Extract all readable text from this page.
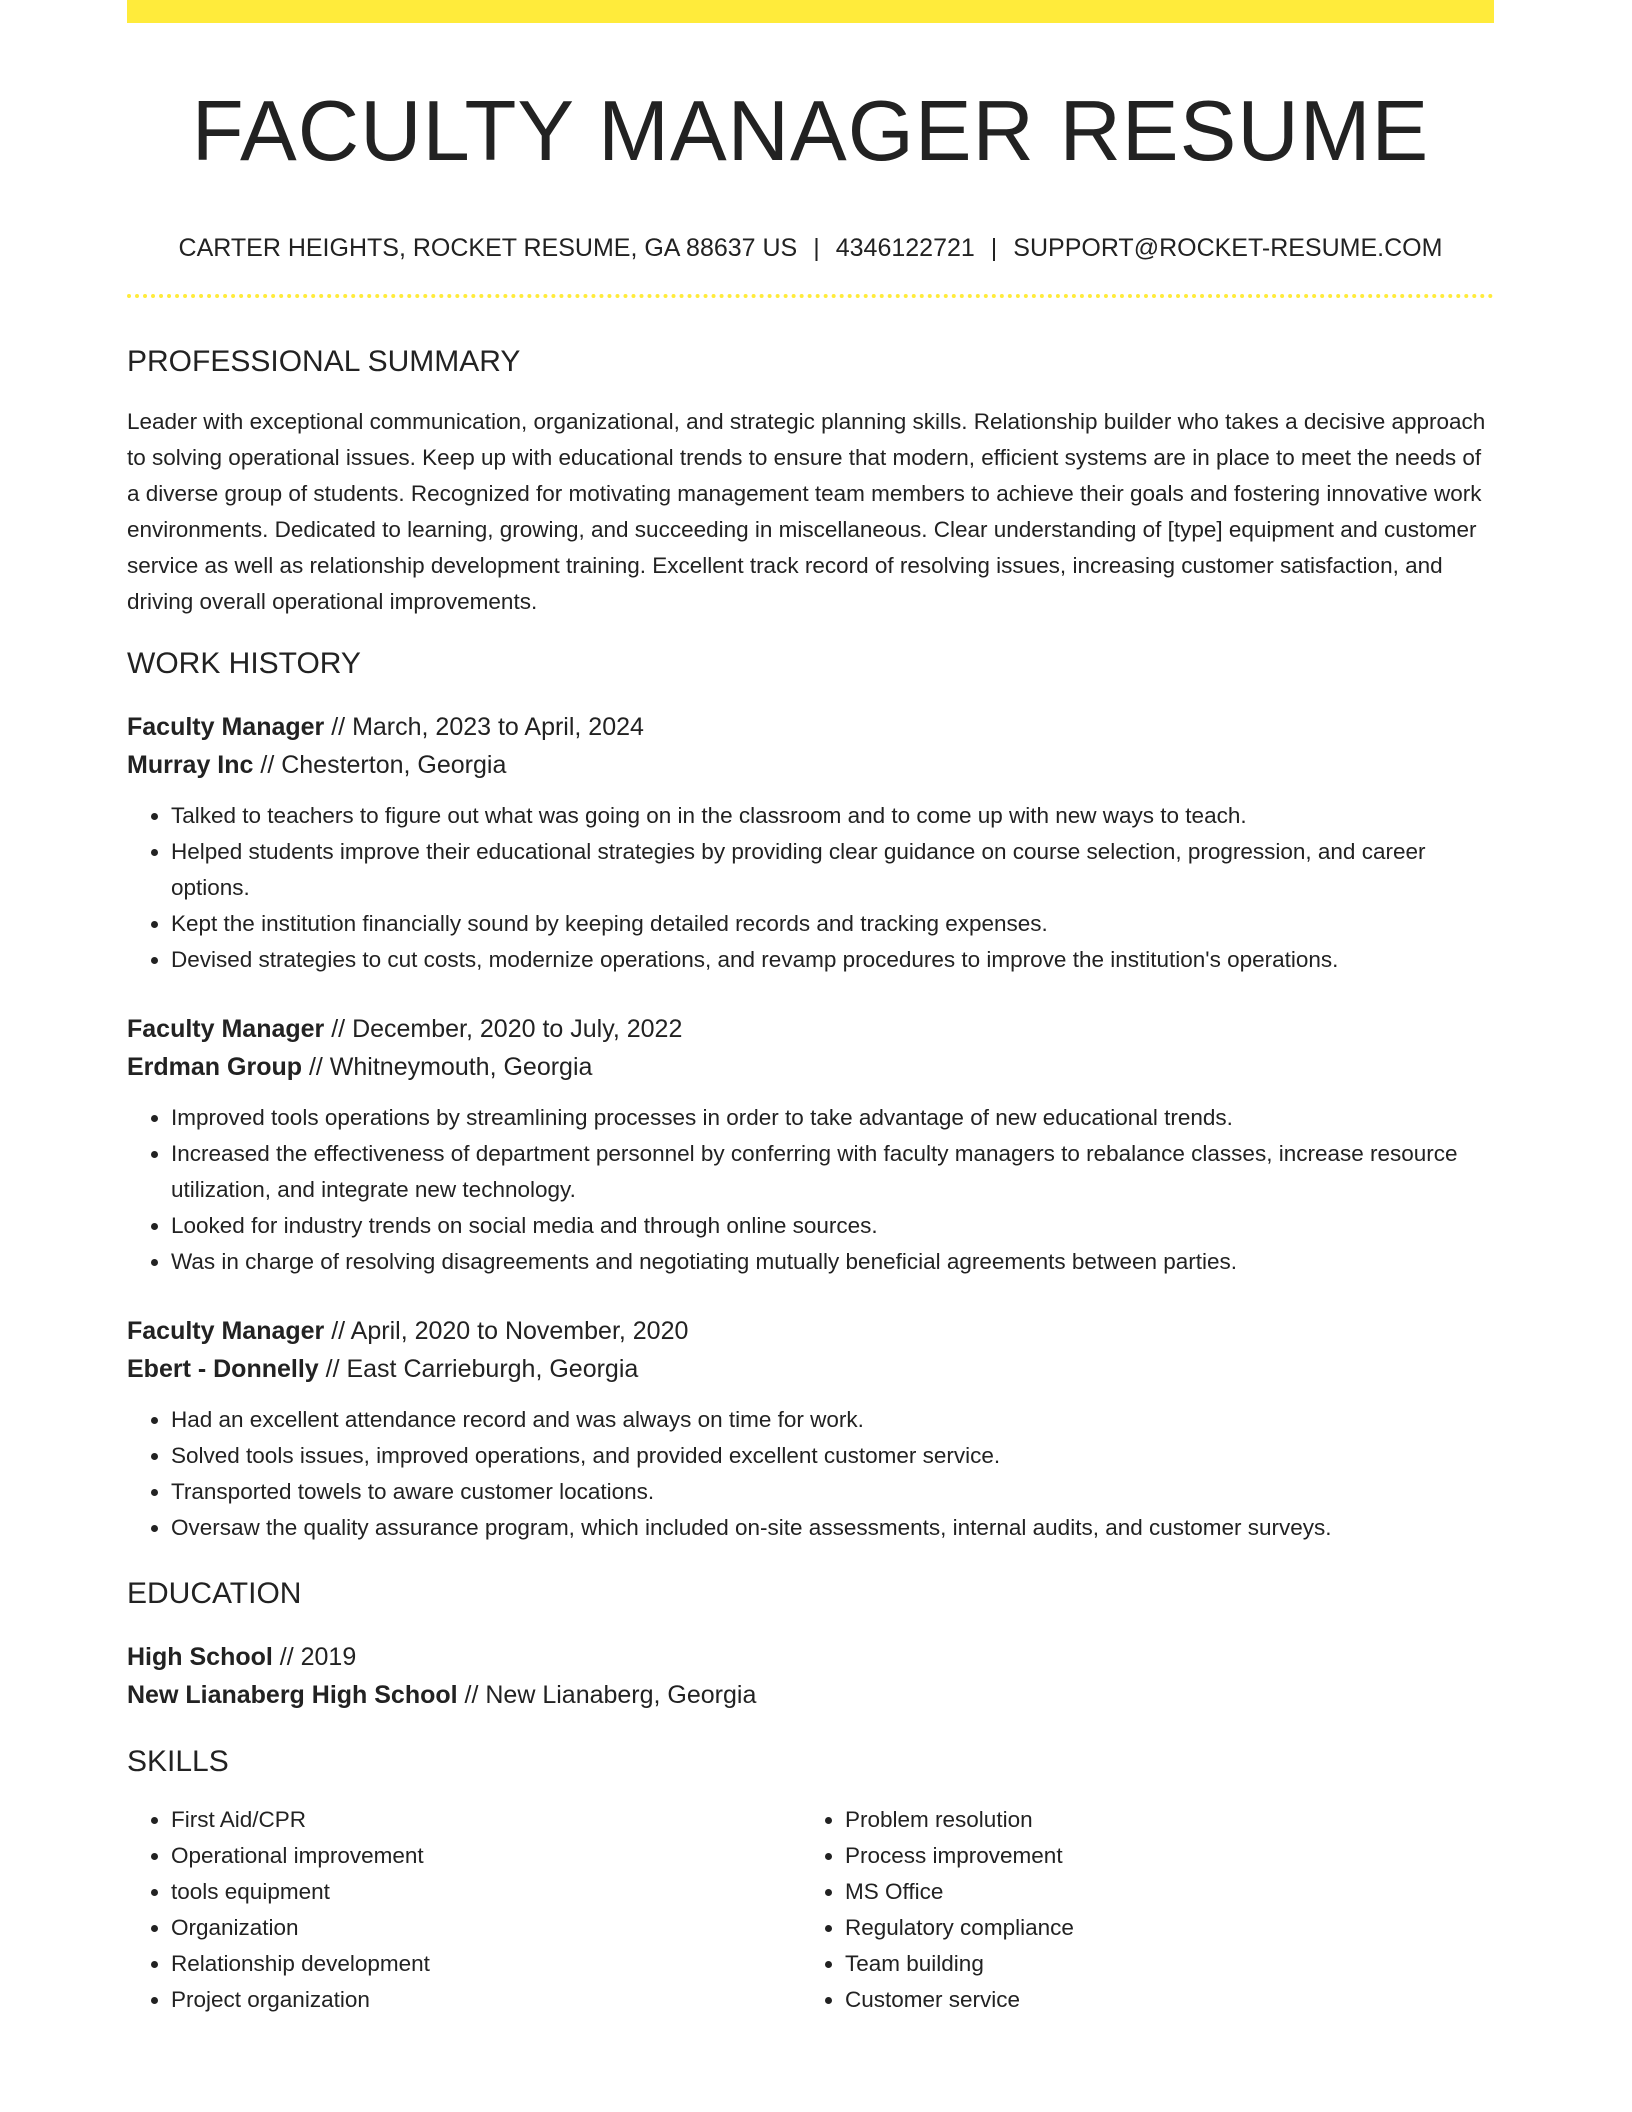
FACULTY MANAGER RESUME
CARTER HEIGHTS, ROCKET RESUME, GA 88637 US | 4346122721 | SUPPORT@ROCKET-RESUME.COM
PROFESSIONAL SUMMARY

Leader with exceptional communication, organizational, and strategic planning skills. Relationship builder who takes a decisive approach to solving operational issues. Keep up with educational trends to ensure that modern, efficient systems are in place to meet the needs of a diverse group of students. Recognized for motivating management team members to achieve their goals and fostering innovative work environments. Dedicated to learning, growing, and succeeding in miscellaneous. Clear understanding of [type] equipment and customer service as well as relationship development training. Excellent track record of resolving issues, increasing customer satisfaction, and driving overall operational improvements.

WORK HISTORY
Faculty Manager // March, 2023 to April, 2024
Murray Inc // Chesterton, Georgia
• Talked to teachers to figure out what was going on in the classroom and to come up with new ways to teach.
• Helped students improve their educational strategies by providing clear guidance on course selection, progression, and career options.
• Kept the institution financially sound by keeping detailed records and tracking expenses.
• Devised strategies to cut costs, modernize operations, and revamp procedures to improve the institution's operations.
Faculty Manager // December, 2020 to July, 2022
Erdman Group // Whitneymouth, Georgia
• Improved tools operations by streamlining processes in order to take advantage of new educational trends.
• Increased the effectiveness of department personnel by conferring with faculty managers to rebalance classes, increase resource utilization, and integrate new technology.
• Looked for industry trends on social media and through online sources.
• Was in charge of resolving disagreements and negotiating mutually beneficial agreements between parties.
Faculty Manager // April, 2020 to November, 2020
Ebert - Donnelly // East Carrieburgh, Georgia
• Had an excellent attendance record and was always on time for work.
• Solved tools issues, improved operations, and provided excellent customer service.
• Transported towels to aware customer locations.
• Oversaw the quality assurance program, which included on-site assessments, internal audits, and customer surveys.
EDUCATION
High School // 2019
New Lianaberg High School // New Lianaberg, Georgia
SKILLS
• First Aid/CPR
• Operational improvement
• tools equipment
• Organization
• Relationship development
• Project organization
• Problem resolution
• Process improvement
• MS Office
• Regulatory compliance
• Team building
• Customer service
